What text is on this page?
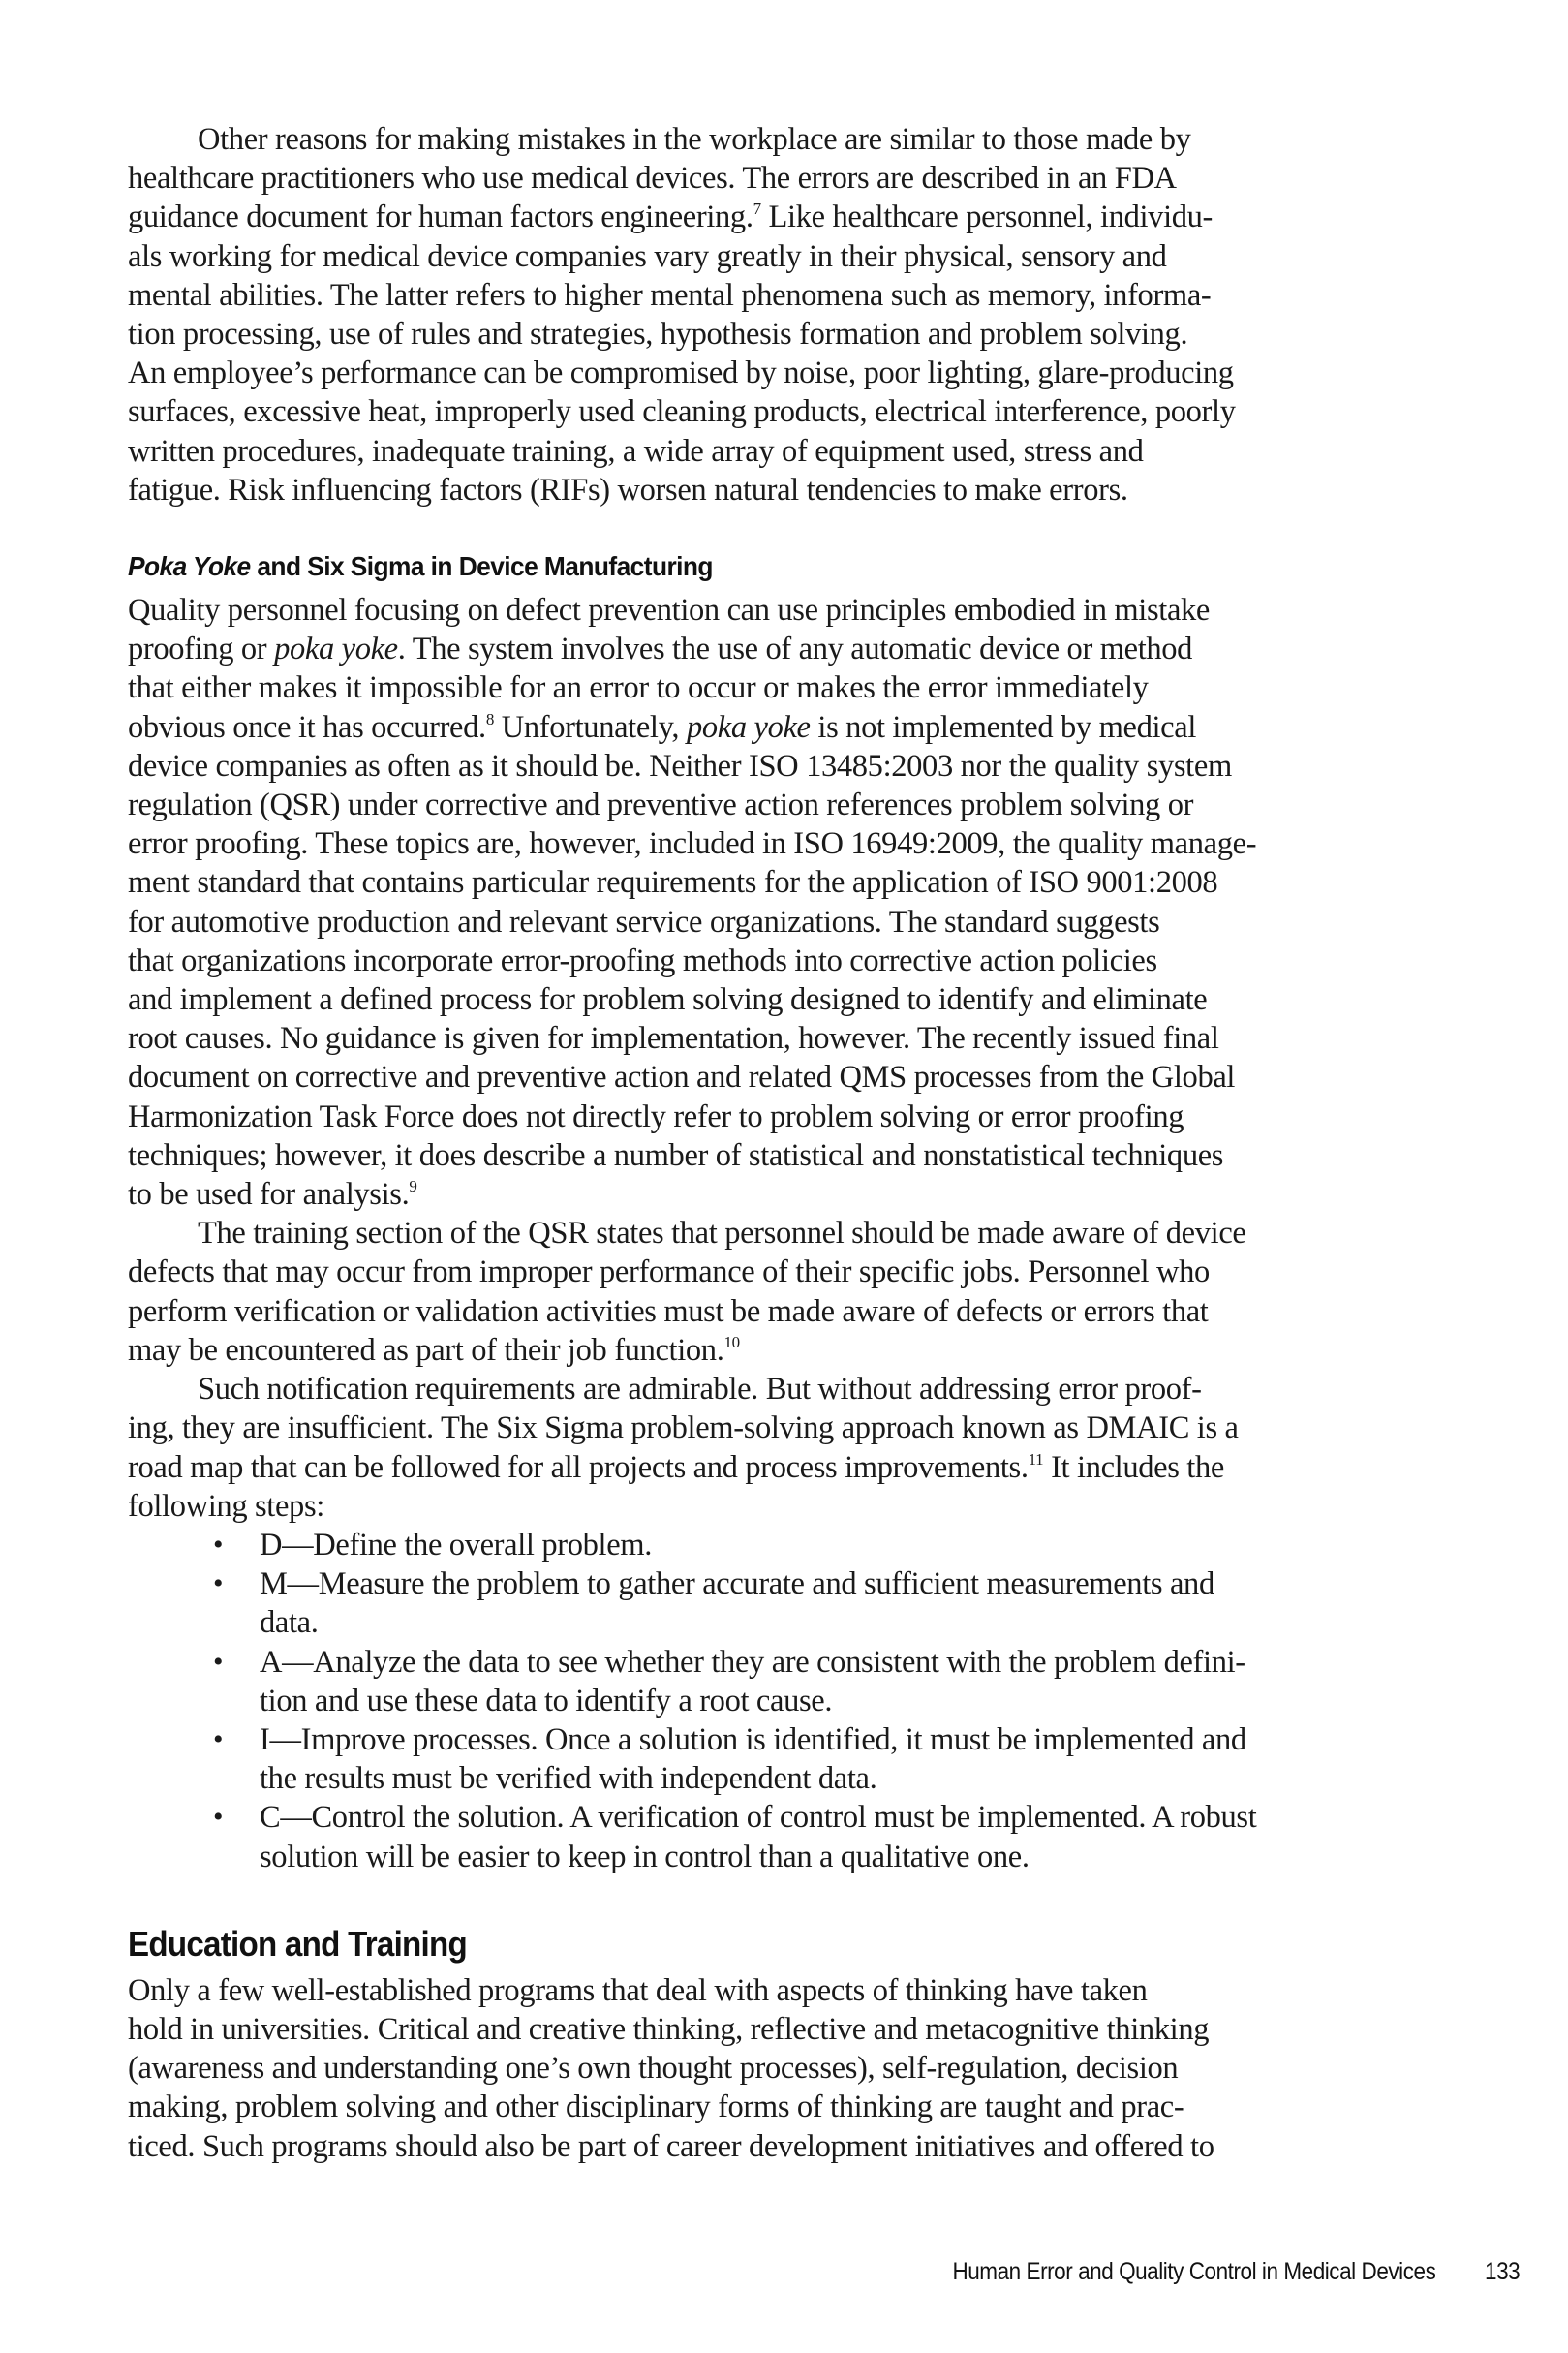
Other reasons for making mistakes in the workplace are similar to those made by
healthcare practitioners who use medical devices. The errors are described in an FDA
guidance document for human factors engineering.$^7$ Like healthcare personnel, individu-
als working for medical device companies vary greatly in their physical, sensory and
mental abilities. The latter refers to higher mental phenomena such as memory, informa-
tion processing, use of rules and strategies, hypothesis formation and problem solving.
An employee’s performance can be compromised by noise, poor lighting, glare-producing
surfaces, excessive heat, improperly used cleaning products, electrical interference, poorly
written procedures, inadequate training, a wide array of equipment used, stress and
fatigue. Risk influencing factors (RIFs) worsen natural tendencies to make errors.

Poka Yoke and Six Sigma in Device Manufacturing

Quality personnel focusing on defect prevention can use principles embodied in mistake
proofing or poka yoke. The system involves the use of any automatic device or method
that either makes it impossible for an error to occur or makes the error immediately
obvious once it has occurred.$^8$ Unfortunately, poka yoke is not implemented by medical
device companies as often as it should be. Neither ISO 13485:2003 nor the quality system
regulation (QSR) under corrective and preventive action references problem solving or
error proofing. These topics are, however, included in ISO 16949:2009, the quality manage-
ment standard that contains particular requirements for the application of ISO 9001:2008
for automotive production and relevant service organizations. The standard suggests
that organizations incorporate error-proofing methods into corrective action policies
and implement a defined process for problem solving designed to identify and eliminate
root causes. No guidance is given for implementation, however. The recently issued final
document on corrective and preventive action and related QMS processes from the Global
Harmonization Task Force does not directly refer to problem solving or error proofing
techniques; however, it does describe a number of statistical and nonstatistical techniques
to be used for analysis.$^9$

The training section of the QSR states that personnel should be made aware of device
defects that may occur from improper performance of their specific jobs. Personnel who
perform verification or validation activities must be made aware of defects or errors that
may be encountered as part of their job function.$^{10}$

Such notification requirements are admirable. But without addressing error proof-
ing, they are insufficient. The Six Sigma problem-solving approach known as DMAIC is a
road map that can be followed for all projects and process improvements.$^{11}$ It includes the
following steps:

• D—Define the overall problem.
• M—Measure the problem to gather accurate and sufficient measurements and
data.
• A—Analyze the data to see whether they are consistent with the problem defini-
tion and use these data to identify a root cause.
• I—Improve processes. Once a solution is identified, it must be implemented and
the results must be verified with independent data.
• C—Control the solution. A verification of control must be implemented. A robust
solution will be easier to keep in control than a qualitative one.
Education and Training

Only a few well-established programs that deal with aspects of thinking have taken
hold in universities. Critical and creative thinking, reflective and metacognitive thinking
(awareness and understanding one’s own thought processes), self-regulation, decision
making, problem solving and other disciplinary forms of thinking are taught and prac-
ticed. Such programs should also be part of career development initiatives and offered to

Human Error and Quality Control in Medical Devices 133
